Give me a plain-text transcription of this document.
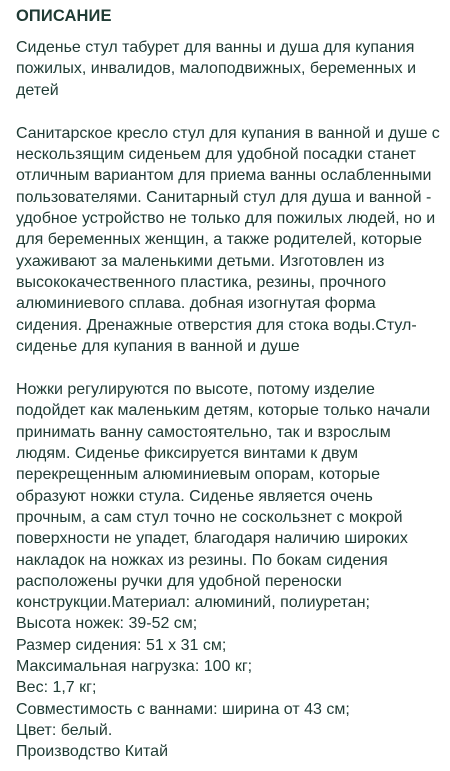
ОПИСАНИЕ

Сиденье стул табурет для ванны и душа для купания пожилых, инвалидов, малоподвижных, беременных и детей

Санитарское кресло стул для купания в ванной и душе с нескользящим сиденьем для удобной посадки станет отличным вариантом для приема ванны ослабленными пользователями. Санитарный стул для душа и ванной - удобное устройство не только для пожилых людей, но и для беременных женщин, а также родителей, которые ухаживают за маленькими детьми. Изготовлен из высококачественного пластика, резины, прочного алюминиевого сплава. добная изогнутая форма сидения. Дренажные отверстия для стока воды.Стул-сиденье для купания в ванной и душе

Ножки регулируются по высоте, потому изделие подойдет как маленьким детям, которые только начали принимать ванну самостоятельно, так и взрослым людям. Сиденье фиксируется винтами к двум перекрещенным алюминиевым опорам, которые образуют ножки стула. Сиденье является очень прочным, а сам стул точно не соскользнет с мокрой поверхности не упадет, благодаря наличию широких накладок на ножках из резины. По бокам сидения расположены ручки для удобной переноски конструкции.Материал: алюминий, полиуретан;

Высота ножек: 39-52 см;
Размер сидения: 51 х 31 см;
Максимальная нагрузка: 100 кг;
Вес: 1,7 кг;
Совместимость с ваннами: ширина от 43 см;
Цвет: белый.
Производство Китай
